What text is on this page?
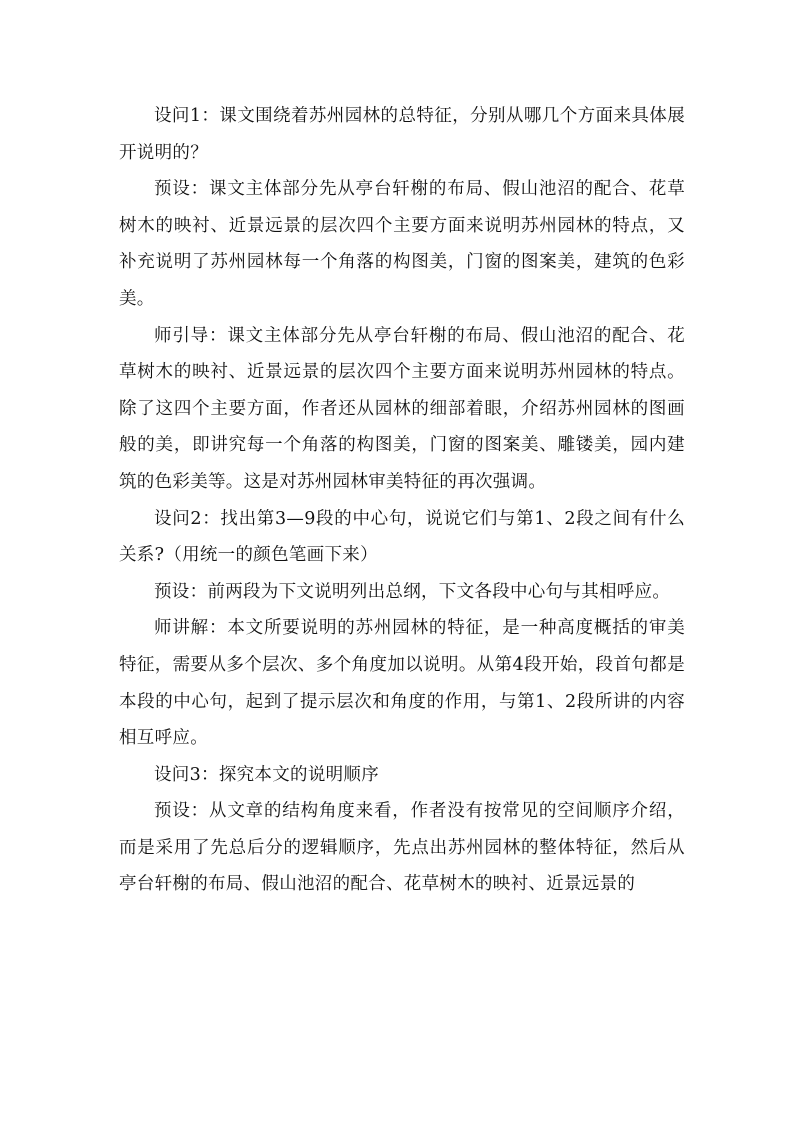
设问1：课文围绕着苏州园林的总特征，分别从哪几个方面来具体展开说明的？

预设：课文主体部分先从亭台轩榭的布局、假山池沼的配合、花草树木的映衬、近景远景的层次四个主要方面来说明苏州园林的特点，又补充说明了苏州园林每一个角落的构图美，门窗的图案美，建筑的色彩美。

师引导：课文主体部分先从亭台轩榭的布局、假山池沼的配合、花草树木的映衬、近景远景的层次四个主要方面来说明苏州园林的特点。除了这四个主要方面，作者还从园林的细部着眼，介绍苏州园林的图画般的美，即讲究每一个角落的构图美，门窗的图案美、雕镂美，园内建筑的色彩美等。这是对苏州园林审美特征的再次强调。

设问2：找出第3—9段的中心句，说说它们与第1、2段之间有什么关系?（用统一的颜色笔画下来）

预设：前两段为下文说明列出总纲，下文各段中心句与其相呼应。

师讲解：本文所要说明的苏州园林的特征，是一种高度概括的审美特征，需要从多个层次、多个角度加以说明。从第4段开始，段首句都是本段的中心句，起到了提示层次和角度的作用，与第1、2段所讲的内容相互呼应。

设问3：探究本文的说明顺序

预设：从文章的结构角度来看，作者没有按常见的空间顺序介绍，而是采用了先总后分的逻辑顺序，先点出苏州园林的整体特征，然后从亭台轩榭的布局、假山池沼的配合、花草树木的映衬、近景远景的
